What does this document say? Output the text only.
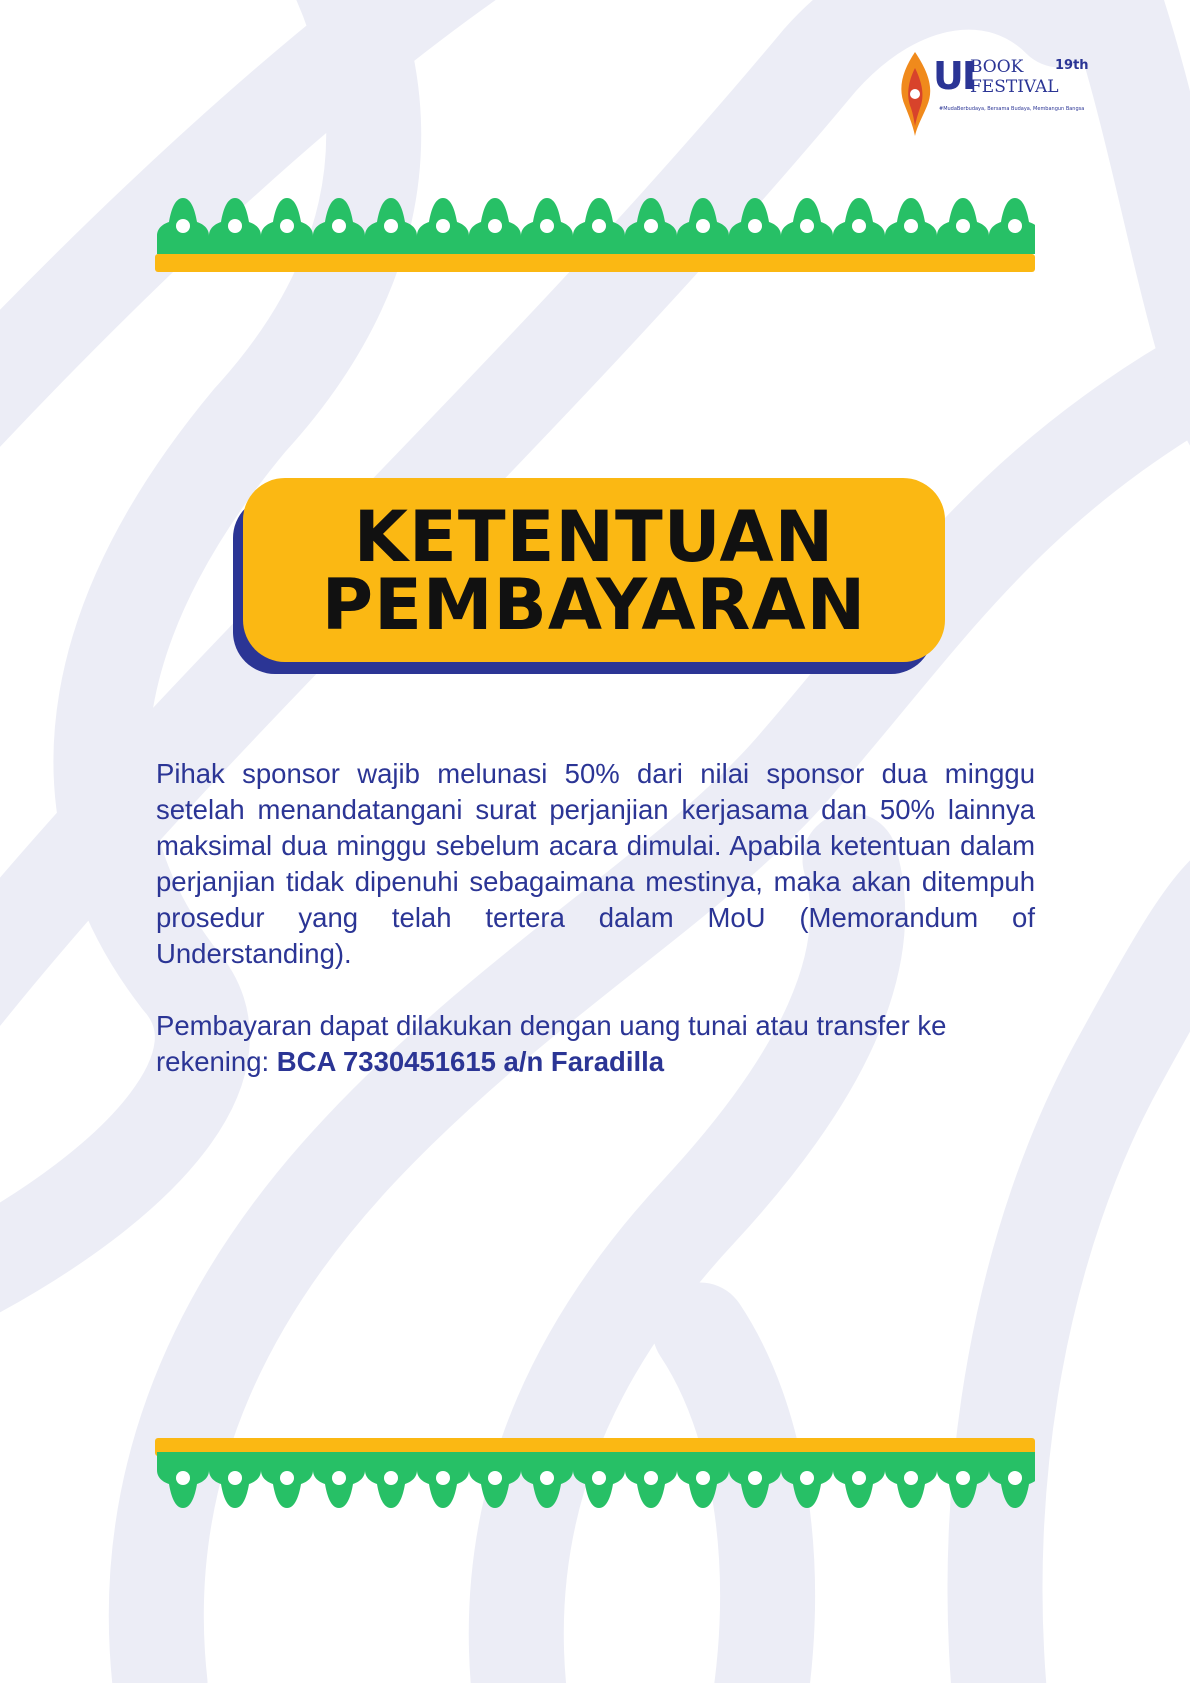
UI
BOOK
FESTIVAL
19th
#MudaBerbudaya, Bersama Budaya, Membangun Bangsa
KETENTUAN
PEMBAYARAN

Pihak sponsor wajib melunasi 50% dari nilai sponsor dua minggu setelah menandatangani surat perjanjian kerjasama dan 50% lainnya maksimal dua minggu sebelum acara dimulai. Apabila ketentuan dalam perjanjian tidak dipenuhi sebagaimana mestinya, maka akan ditempuh prosedur yang telah tertera dalam MoU (Memorandum of Understanding).

Pembayaran dapat dilakukan dengan uang tunai atau transfer ke rekening: BCA 7330451615 a/n Faradilla
